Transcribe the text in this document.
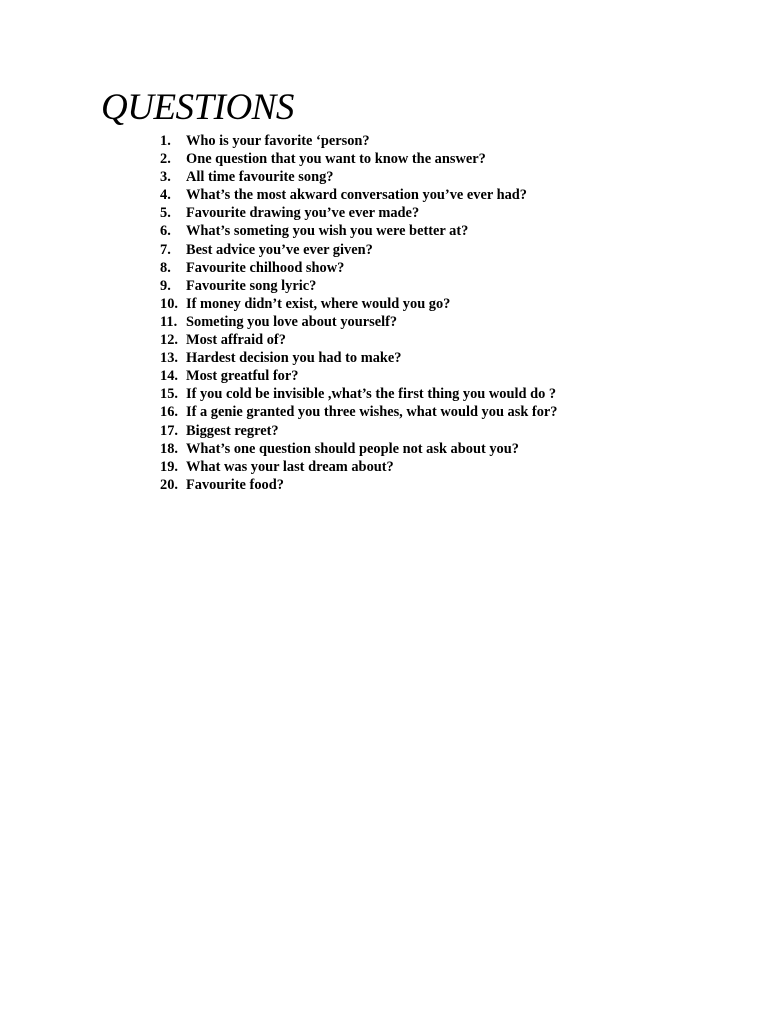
QUESTIONS
1.	Who is your favorite ‘person?
2.	One question that you want to know the answer?
3.	All time favourite song?
4.	What’s the most akward conversation you’ve ever had?
5.	Favourite drawing you’ve ever made?
6.	What’s someting you wish you were better at?
7.	Best advice you’ve ever given?
8.	Favourite chilhood show?
9.	Favourite song lyric?
10. If money didn’t exist, where would you go?
11. Someting you love about yourself?
12. Most affraid of?
13. Hardest decision you had to make?
14. Most greatful for?
15. If you cold be invisible ,what’s the first thing you would do ?
16. If a genie granted you three wishes, what would you ask for?
17. Biggest regret?
18. What’s one question should people not ask about you?
19. What was your last dream about?
20. Favourite food?
